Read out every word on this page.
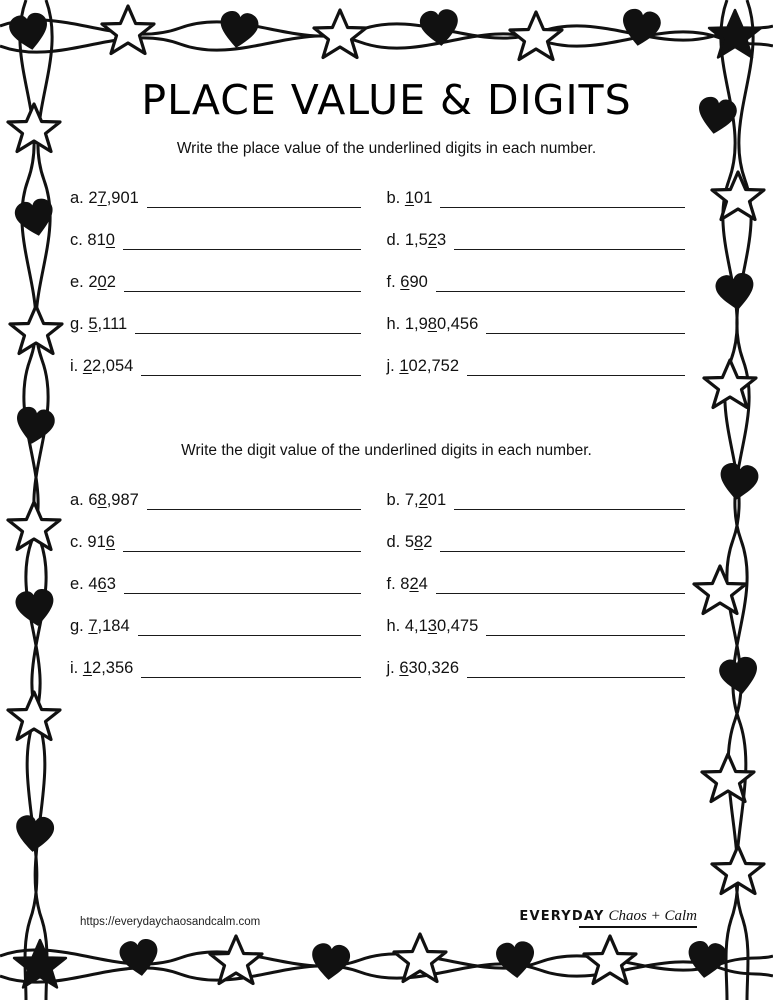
PLACE VALUE & DIGITS
Write the place value of the underlined digits in each number.
a. 27,901	b. 101
c. 810	d. 1,523
e. 202	f. 690
g. 5,111	h. 1,980,456
i. 22,054	j. 102,752
Write the digit value of the underlined digits in each number.
a. 68,987	b. 7,201
c. 916	d. 582
e. 463	f. 824
g. 7,184	h. 4,130,475
i. 12,356	j. 630,326
https://everydaychaosandcalm.com	EVERYDAY Chaos + Calm
